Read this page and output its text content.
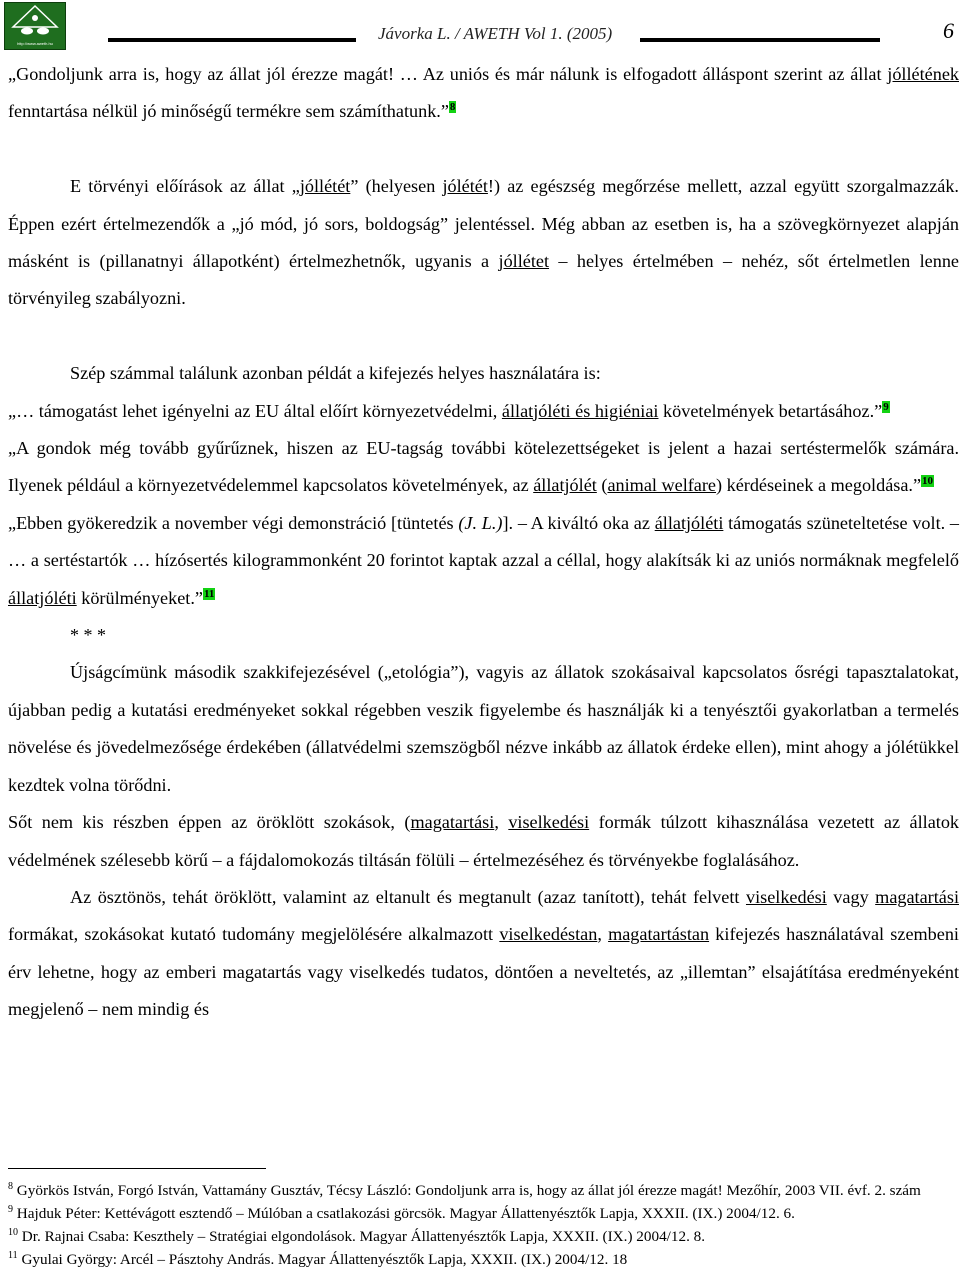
http://www.aweth.hu
Jávorka L. / AWETH Vol 1. (2005)	6

„Gondoljunk arra is, hogy az állat jól érezze magát! … Az uniós és már nálunk is elfogadott álláspont szerint az állat jóllétének fenntartása nélkül jó minőségű termékre sem számíthatunk.”$^8$

E törvényi előírások az állat „jóllétét” (helyesen jólétét!) az egészség megőrzése mellett, azzal együtt szorgalmazzák. Éppen ezért értelmezendők a „jó mód, jó sors, boldogság” jelentéssel. Még abban az esetben is, ha a szövegkörnyezet alapján másként is (pillanatnyi állapotként) értelmezhetnők, ugyanis a jóllétet – helyes értelmében – nehéz, sőt értelmetlen lenne törvényileg szabályozni.

Szép számmal találunk azonban példát a kifejezés helyes használatára is:

„… támogatást lehet igényelni az EU által előírt környezetvédelmi, állatjóléti és higiéniai követelmények betartásához.”$^9$

„A gondok még tovább gyűrűznek, hiszen az EU-tagság további kötelezettségeket is jelent a hazai sertéstermelők számára. Ilyenek például a környezetvédelemmel kapcsolatos követelmények, az állatjólét (animal welfare) kérdéseinek a megoldása.”$^{10}$

„Ebben gyökeredzik a november végi demonstráció [tüntetés (J. L.)]. – A kiváltó oka az állatjóléti támogatás szüneteltetése volt. – … a sertéstartók … hízósertés kilogrammonként 20 forintot kaptak azzal a céllal, hogy alakítsák ki az uniós normáknak megfelelő állatjóléti körülményeket.”$^{11}$

* * *

Újságcímünk második szakkifejezésével („etológia”), vagyis az állatok szokásaival kapcsolatos ősrégi tapasztalatokat, újabban pedig a kutatási eredményeket sokkal régebben veszik figyelembe és használják ki a tenyésztői gyakorlatban a termelés növelése és jövedelmezősége érdekében (állatvédelmi szemszögből nézve inkább az állatok érdeke ellen), mint ahogy a jólétükkel kezdtek volna törődni.

Sőt nem kis részben éppen az öröklött szokások, (magatartási, viselkedési formák túlzott kihasználása vezetett az állatok védelmének szélesebb körű – a fájdalomokozás tiltásán fölüli – értelmezéséhez és törvényekbe foglalásához.

Az ösztönös, tehát öröklött, valamint az eltanult és megtanult (azaz tanított), tehát felvett viselkedési vagy magatartási formákat, szokásokat kutató tudomány megjelölésére alkalmazott viselkedéstan, magatartástan kifejezés használatával szembeni érv lehetne, hogy az emberi magatartás vagy viselkedés tudatos, döntően a neveltetés, az „illemtan” elsajátítása eredményeként megjelenő – nem mindig és

$^8$ Györkös István, Forgó István, Vattamány Gusztáv, Técsy László: Gondoljunk arra is, hogy az állat jól érezze magát! Mezőhír, 2003 VII. évf. 2. szám

$^9$ Hajduk Péter: Kettévágott esztendő – Múlóban a csatlakozási görcsök. Magyar Állattenyésztők Lapja, XXXII. (IX.) 2004/12. 6.

$^{10}$ Dr. Rajnai Csaba: Keszthely – Stratégiai elgondolások. Magyar Állattenyésztők Lapja, XXXII. (IX.) 2004/12. 8.

$^{11}$ Gyulai György: Arcél – Pásztohy András. Magyar Állattenyésztők Lapja, XXXII. (IX.) 2004/12. 18
